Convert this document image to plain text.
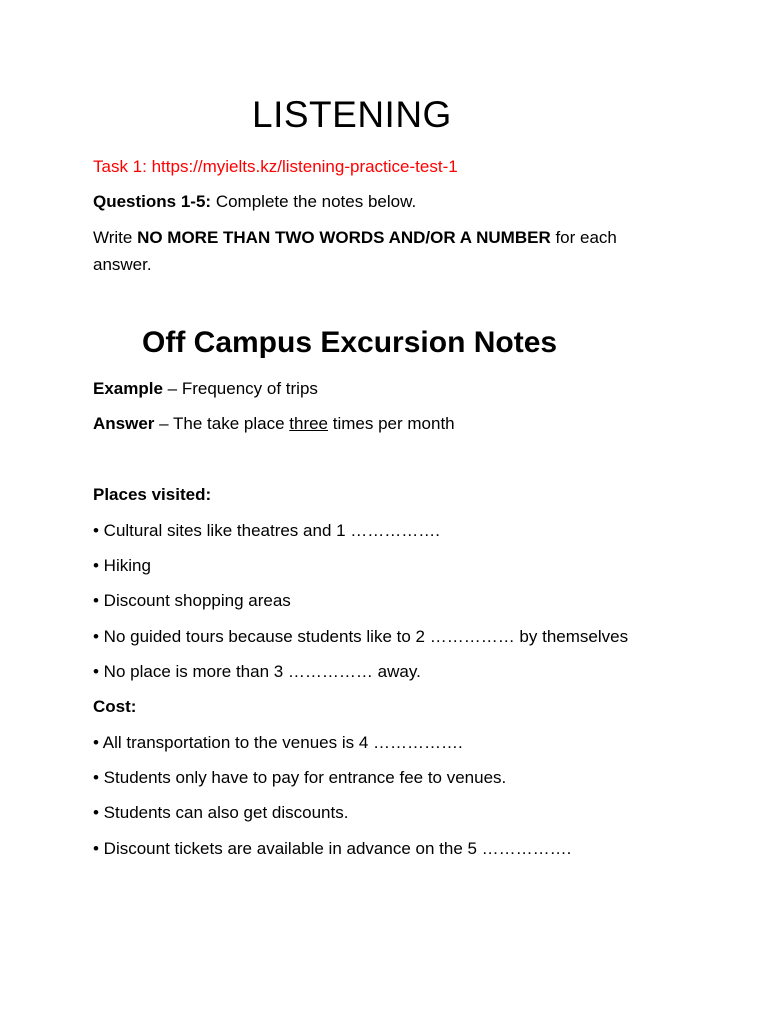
LISTENING

Task 1: https://myielts.kz/listening-practice-test-1

Questions 1-5: Complete the notes below.

Write NO MORE THAN TWO WORDS AND/OR A NUMBER for each

answer.

Off Campus Excursion Notes

Example – Frequency of trips

Answer – The take place three times per month

Places visited:

• Cultural sites like theatres and 1 …………….

• Hiking

• Discount shopping areas

• No guided tours because students like to 2 …………… by themselves

• No place is more than 3 …………… away.

Cost:

• All transportation to the venues is 4 …………….

• Students only have to pay for entrance fee to venues.

• Students can also get discounts.

• Discount tickets are available in advance on the 5 …………….
